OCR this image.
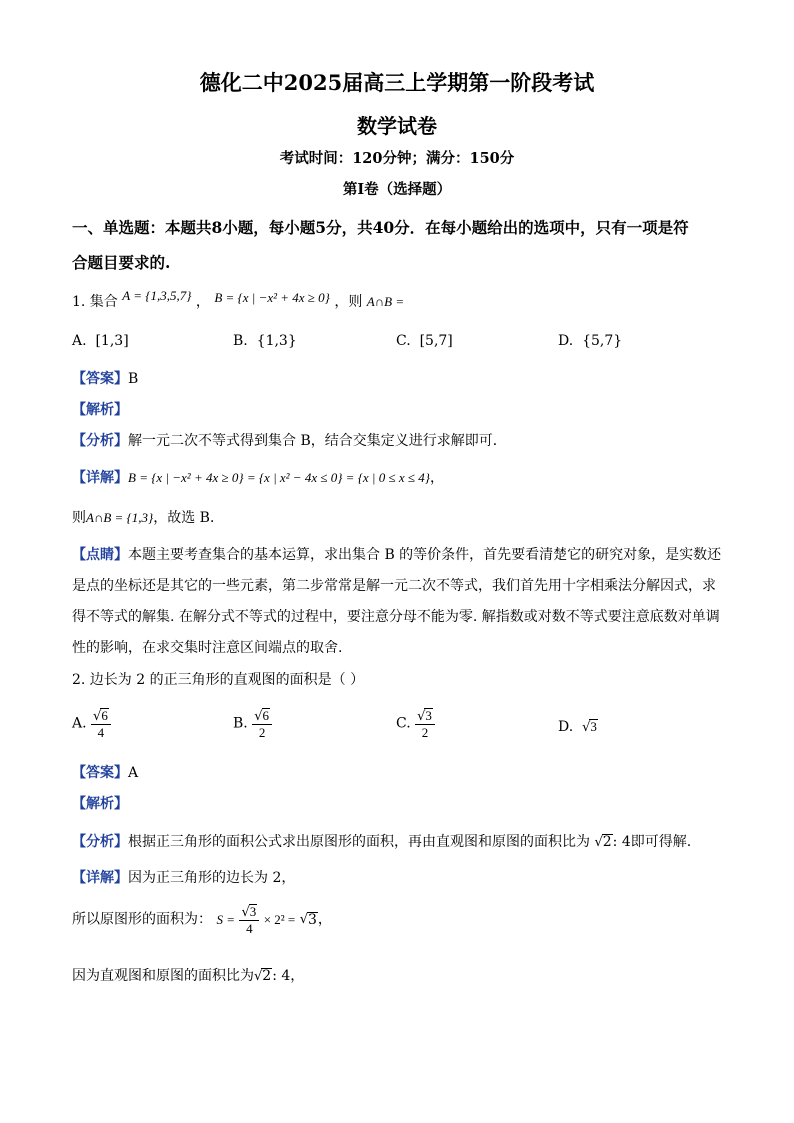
德化二中2025届高三上学期第一阶段考试
数学试卷
考试时间：120分钟；满分：150分
第I卷（选择题）
一、单选题：本题共8小题，每小题5分，共40分．在每小题给出的选项中，只有一项是符
合题目要求的.
1. 集合 A = {1,3,5,7} ， B = {x | −x² + 4x ≥ 0} ，则 A∩B =
A. [1,3]	B. {1,3}	C. [5,7]	D. {5,7}
【答案】B
【解析】
【分析】解一元二次不等式得到集合 B，结合交集定义进行求解即可．
【详解】B = {x | −x² + 4x ≥ 0} = {x | x² − 4x ≤ 0} = {x | 0 ≤ x ≤ 4}，
则A∩B = {1,3}，故选 B．
【点睛】本题主要考查集合的基本运算，求出集合 B 的等价条件，首先要看清楚它的研究对象，是实数还
是点的坐标还是其它的一些元素，第二步常常是解一元二次不等式，我们首先用十字相乘法分解因式，求
得不等式的解集. 在解分式不等式的过程中，要注意分母不能为零. 解指数或对数不等式要注意底数对单调
性的影响，在求交集时注意区间端点的取舍.
2. 边长为 2 的正三角形的直观图的面积是（ ）
A. $\frac{√6}{4}$	B. $\frac{√6}{2}$	C. $\frac{√3}{2}$	D. √3
【答案】A
【解析】
【分析】根据正三角形的面积公式求出原图形的面积，再由直观图和原图的面积比为 √2: 4即可得解.
【详解】因为正三角形的边长为 2，
所以原图形的面积为： $S = \frac{√3}{4} \times 2^2 = √3$，
因为直观图和原图的面积比为√2: 4，
